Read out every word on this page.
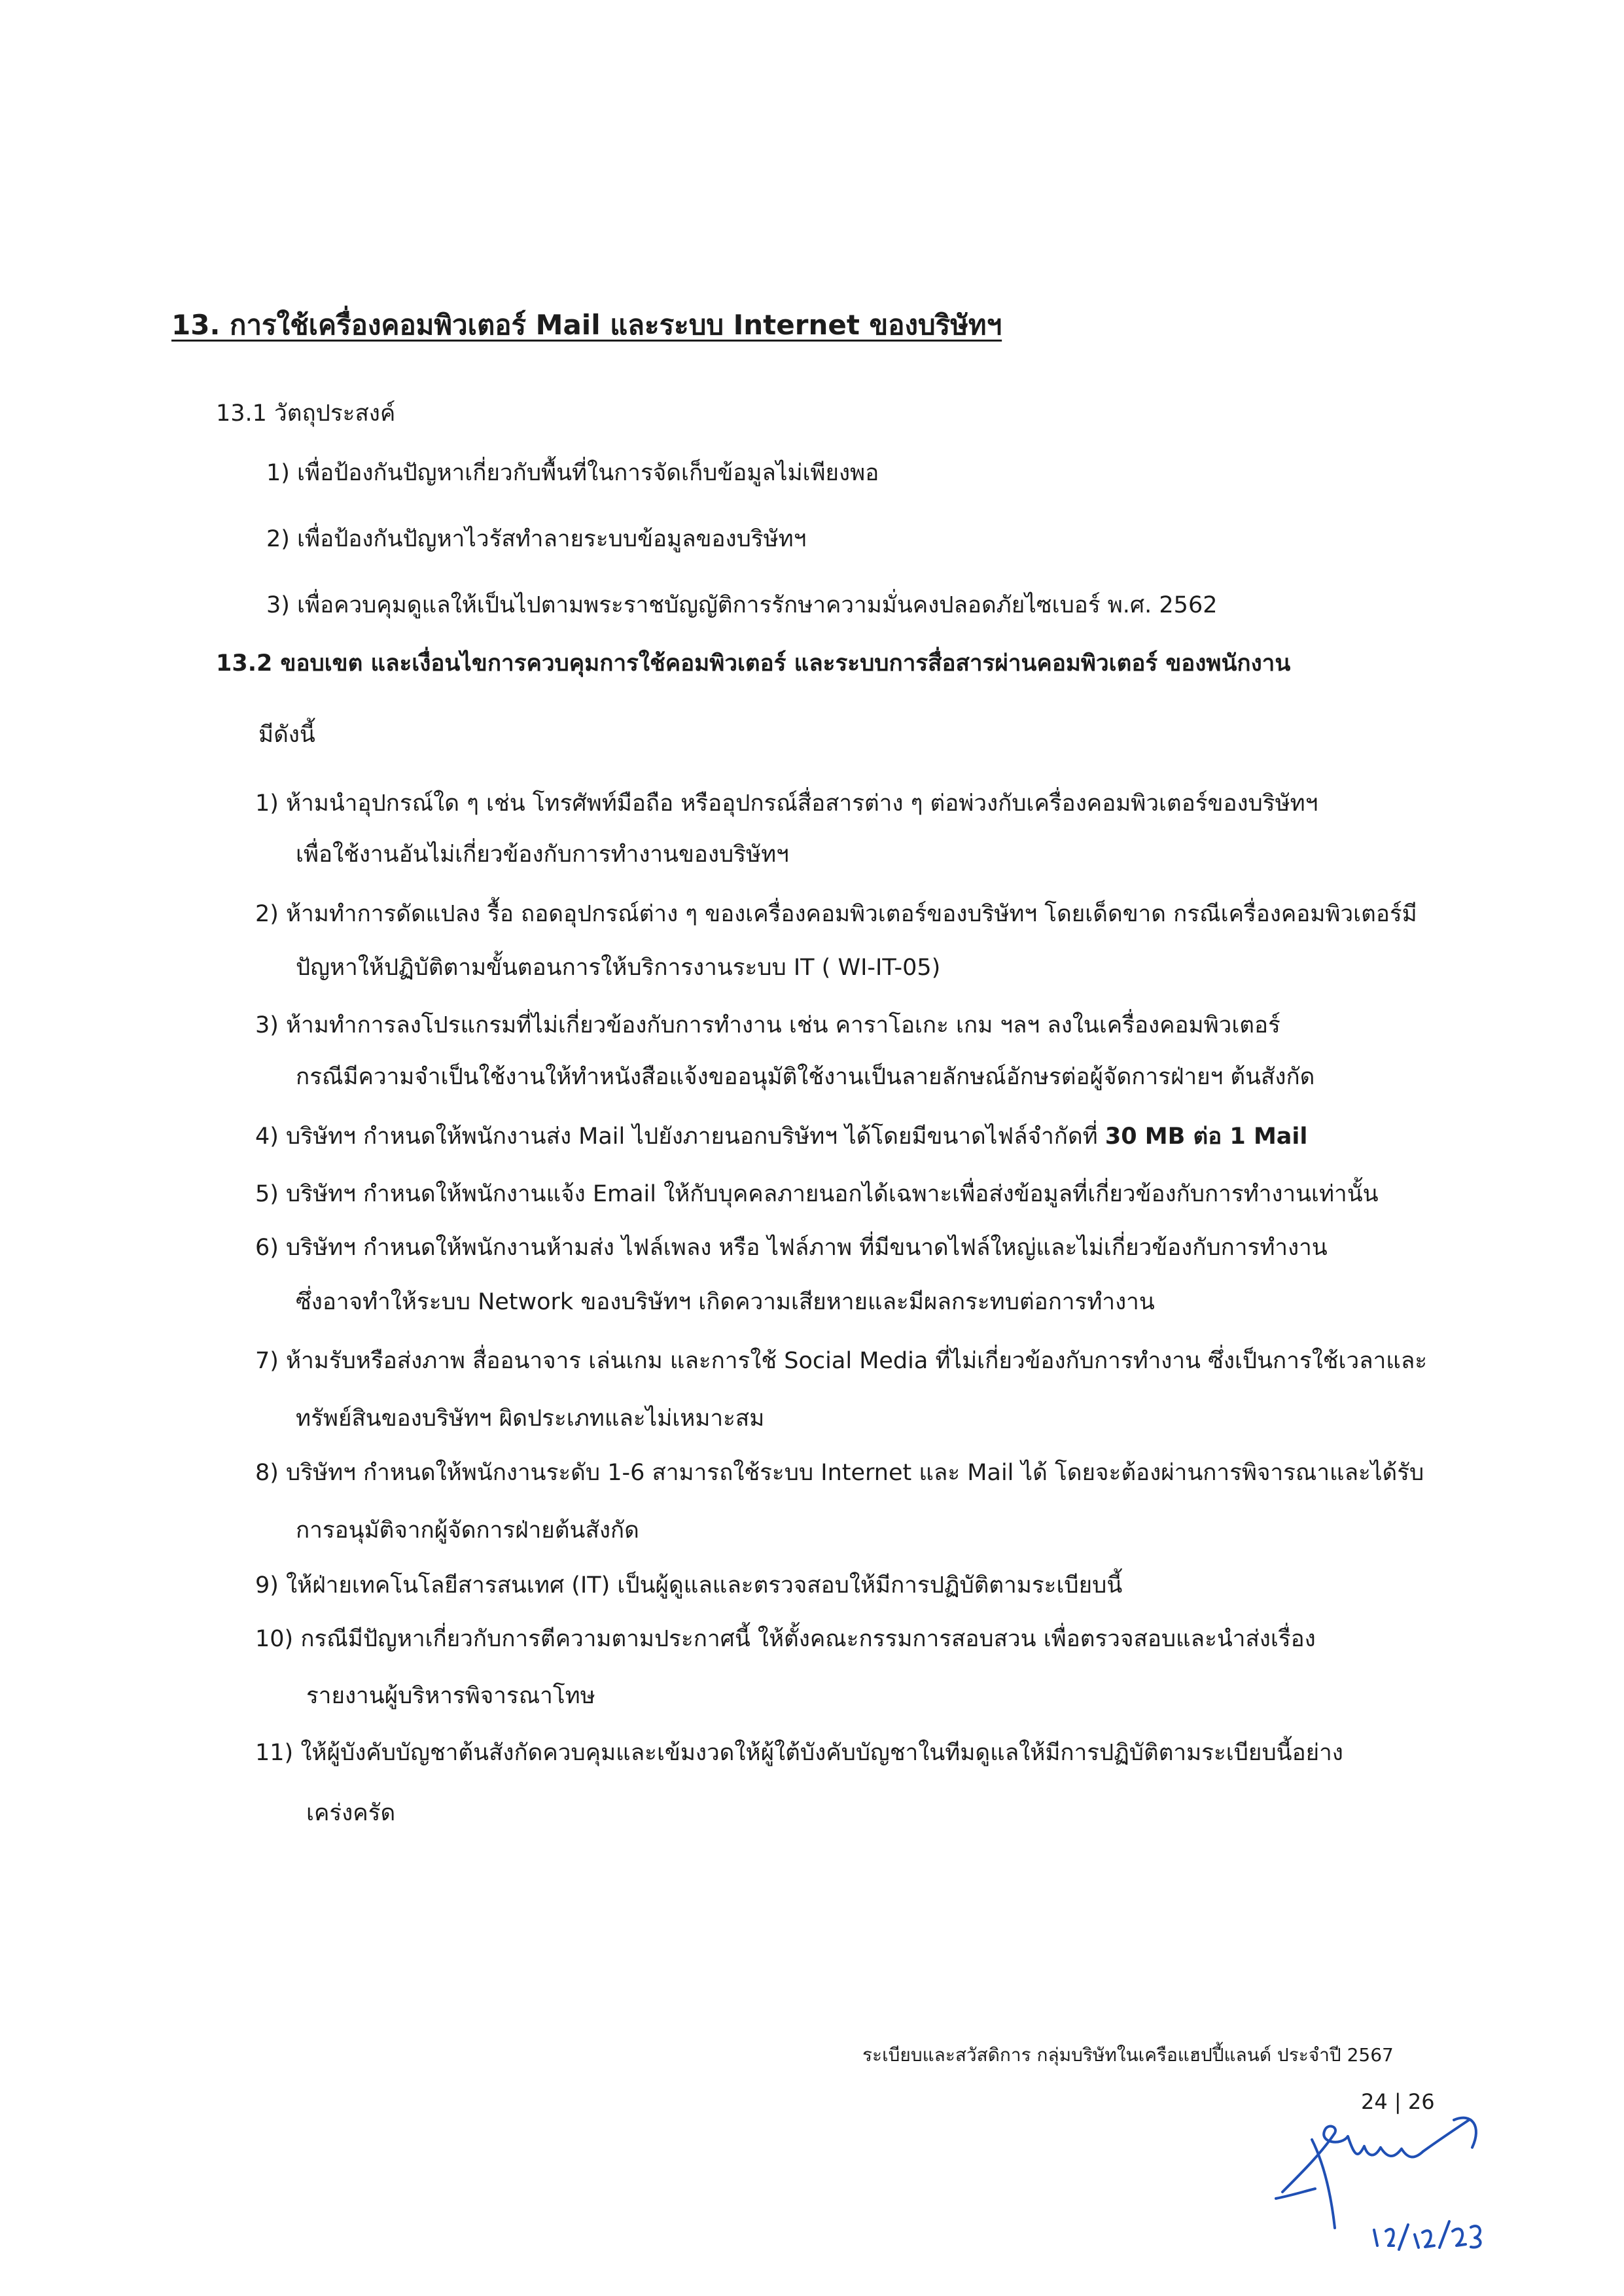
13. การใช้เครื่องคอมพิวเตอร์ Mail และระบบ Internet ของบริษัทฯ
13.1 วัตถุประสงค์
1) เพื่อป้องกันปัญหาเกี่ยวกับพื้นที่ในการจัดเก็บข้อมูลไม่เพียงพอ
2) เพื่อป้องกันปัญหาไวรัสทำลายระบบข้อมูลของบริษัทฯ
3) เพื่อควบคุมดูแลให้เป็นไปตามพระราชบัญญัติการรักษาความมั่นคงปลอดภัยไซเบอร์ พ.ศ. 2562
13.2 ขอบเขต และเงื่อนไขการควบคุมการใช้คอมพิวเตอร์ และระบบการสื่อสารผ่านคอมพิวเตอร์ ของพนักงาน
มีดังนี้
1) ห้ามนำอุปกรณ์ใด ๆ เช่น โทรศัพท์มือถือ หรืออุปกรณ์สื่อสารต่าง ๆ ต่อพ่วงกับเครื่องคอมพิวเตอร์ของบริษัทฯ
เพื่อใช้งานอันไม่เกี่ยวข้องกับการทำงานของบริษัทฯ
2) ห้ามทำการดัดแปลง รื้อ ถอดอุปกรณ์ต่าง ๆ ของเครื่องคอมพิวเตอร์ของบริษัทฯ โดยเด็ดขาด กรณีเครื่องคอมพิวเตอร์มี
ปัญหาให้ปฏิบัติตามขั้นตอนการให้บริการงานระบบ IT ( WI-IT-05)
3) ห้ามทำการลงโปรแกรมที่ไม่เกี่ยวข้องกับการทำงาน เช่น คาราโอเกะ เกม ฯลฯ ลงในเครื่องคอมพิวเตอร์
กรณีมีความจำเป็นใช้งานให้ทำหนังสือแจ้งขออนุมัติใช้งานเป็นลายลักษณ์อักษรต่อผู้จัดการฝ่ายฯ ต้นสังกัด
4) บริษัทฯ กำหนดให้พนักงานส่ง Mail ไปยังภายนอกบริษัทฯ ได้โดยมีขนาดไฟล์จำกัดที่ 30 MB ต่อ 1 Mail
5) บริษัทฯ กำหนดให้พนักงานแจ้ง Email ให้กับบุคคลภายนอกได้เฉพาะเพื่อส่งข้อมูลที่เกี่ยวข้องกับการทำงานเท่านั้น
6) บริษัทฯ กำหนดให้พนักงานห้ามส่ง ไฟล์เพลง หรือ ไฟล์ภาพ ที่มีขนาดไฟล์ใหญ่และไม่เกี่ยวข้องกับการทำงาน
ซึ่งอาจทำให้ระบบ Network ของบริษัทฯ เกิดความเสียหายและมีผลกระทบต่อการทำงาน
7) ห้ามรับหรือส่งภาพ สื่ออนาจาร เล่นเกม และการใช้ Social Media ที่ไม่เกี่ยวข้องกับการทำงาน ซึ่งเป็นการใช้เวลาและ
ทรัพย์สินของบริษัทฯ ผิดประเภทและไม่เหมาะสม
8) บริษัทฯ กำหนดให้พนักงานระดับ 1-6 สามารถใช้ระบบ Internet และ Mail ได้ โดยจะต้องผ่านการพิจารณาและได้รับ
การอนุมัติจากผู้จัดการฝ่ายต้นสังกัด
9) ให้ฝ่ายเทคโนโลยีสารสนเทศ (IT) เป็นผู้ดูแลและตรวจสอบให้มีการปฏิบัติตามระเบียบนี้
10) กรณีมีปัญหาเกี่ยวกับการตีความตามประกาศนี้ ให้ตั้งคณะกรรมการสอบสวน เพื่อตรวจสอบและนำส่งเรื่อง
รายงานผู้บริหารพิจารณาโทษ
11) ให้ผู้บังคับบัญชาต้นสังกัดควบคุมและเข้มงวดให้ผู้ใต้บังคับบัญชาในทีมดูแลให้มีการปฏิบัติตามระเบียบนี้อย่าง
เคร่งครัด
ระเบียบและสวัสดิการ กลุ่มบริษัทในเครือแฮปปี้แลนด์ ประจำปี 2567
24 | 26
